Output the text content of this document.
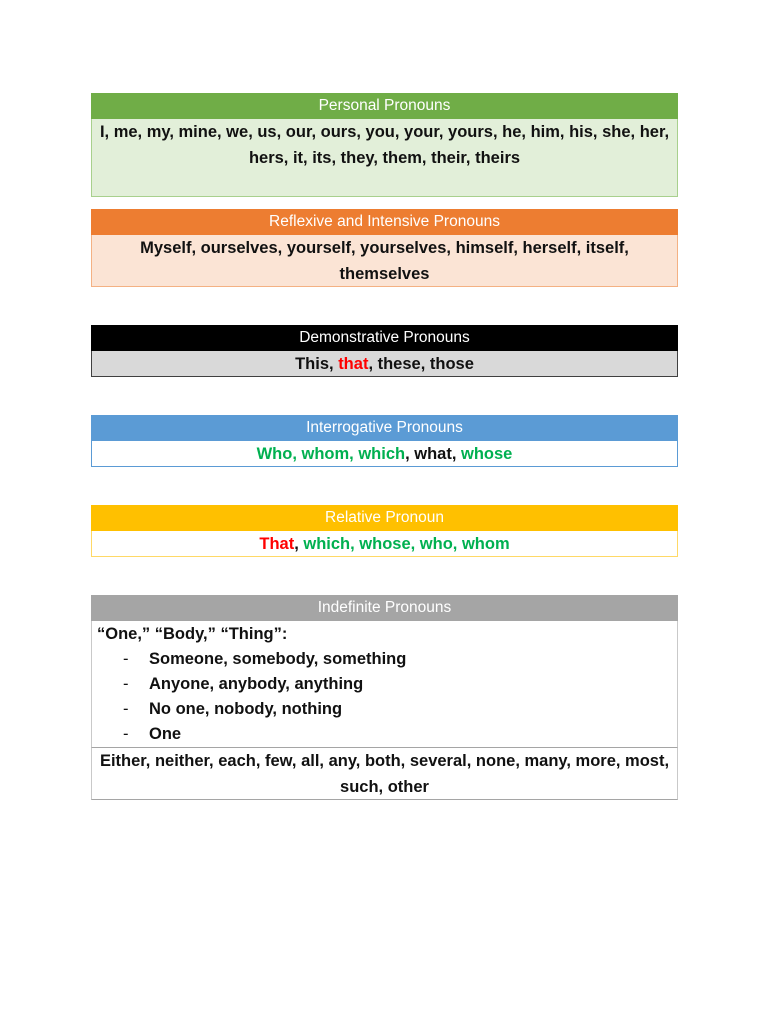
Personal Pronouns
I, me, my, mine, we, us, our, ours, you, your, yours, he, him, his, she, her, hers, it, its, they, them, their, theirs
Reflexive and Intensive Pronouns
Myself, ourselves, yourself, yourselves, himself, herself, itself, themselves
Demonstrative Pronouns
This, that, these, those
Interrogative Pronouns
Who, whom, which, what, whose
Relative Pronoun
That, which, whose, who, whom
Indefinite Pronouns
“One,” “Body,” “Thing”:
- Someone, somebody, something
- Anyone, anybody, anything
- No one, nobody, nothing
- One
Either, neither, each, few, all, any, both, several, none, many, more, most, such, other
